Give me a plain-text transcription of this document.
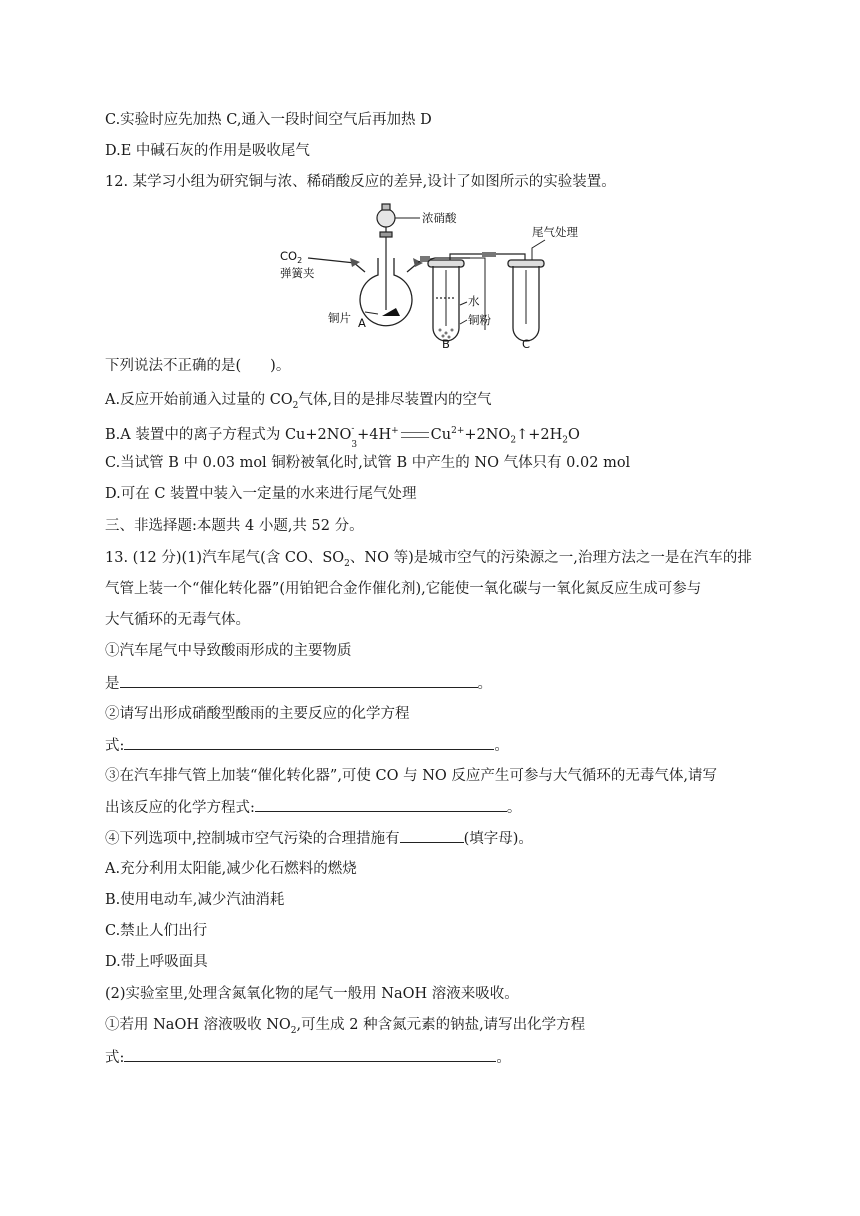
C.实验时应先加热 C,通入一段时间空气后再加热 D
D.E 中碱石灰的作用是吸收尾气
12. 某学习小组为研究铜与浓、稀硝酸反应的差异,设计了如图所示的实验装置。
浓硝酸
$CO_2$
弹簧夹
水
铜粉
尾气处理
铜片 A
B	C
下列说法不正确的是(　　)。
A.反应开始前通入过量的 $CO_2$气体,目的是排尽装置内的空气
B.A 装置中的离子方程式为 Cu+2NO -
$_3$+4H+ $Cu^{2+}+2NO_2↑+2H_2O$
C.当试管 B 中 0.03 mol 铜粉被氧化时,试管 B 中产生的 NO 气体只有 0.02 mol
D.可在 C 装置中装入一定量的水来进行尾气处理
三、非选择题:本题共 4 小题,共 52 分。
13. (12 分)(1)汽车尾气(含 CO、$SO_2$、NO 等)是城市空气的污染源之一,治理方法之一是在汽车的排
气管上装一个“催化转化器”(用铂钯合金作催化剂),它能使一氧化碳与一氧化氮反应生成可参与
大气循环的无毒气体。
①汽车尾气中导致酸雨形成的主要物质
是	。
②请写出形成硝酸型酸雨的主要反应的化学方程
式:	。
③在汽车排气管上加装“催化转化器”,可使 CO 与 NO 反应产生可参与大气循环的无毒气体,请写
出该反应的化学方程式:	。
④下列选项中,控制城市空气污染的合理措施有	(填字母)。
A.充分利用太阳能,减少化石燃料的燃烧
B.使用电动车,减少汽油消耗
C.禁止人们出行
D.带上呼吸面具
(2)实验室里,处理含氮氧化物的尾气一般用 NaOH 溶液来吸收。
①若用 NaOH 溶液吸收 $NO_2$,可生成 2 种含氮元素的钠盐,请写出化学方程
式:	。
